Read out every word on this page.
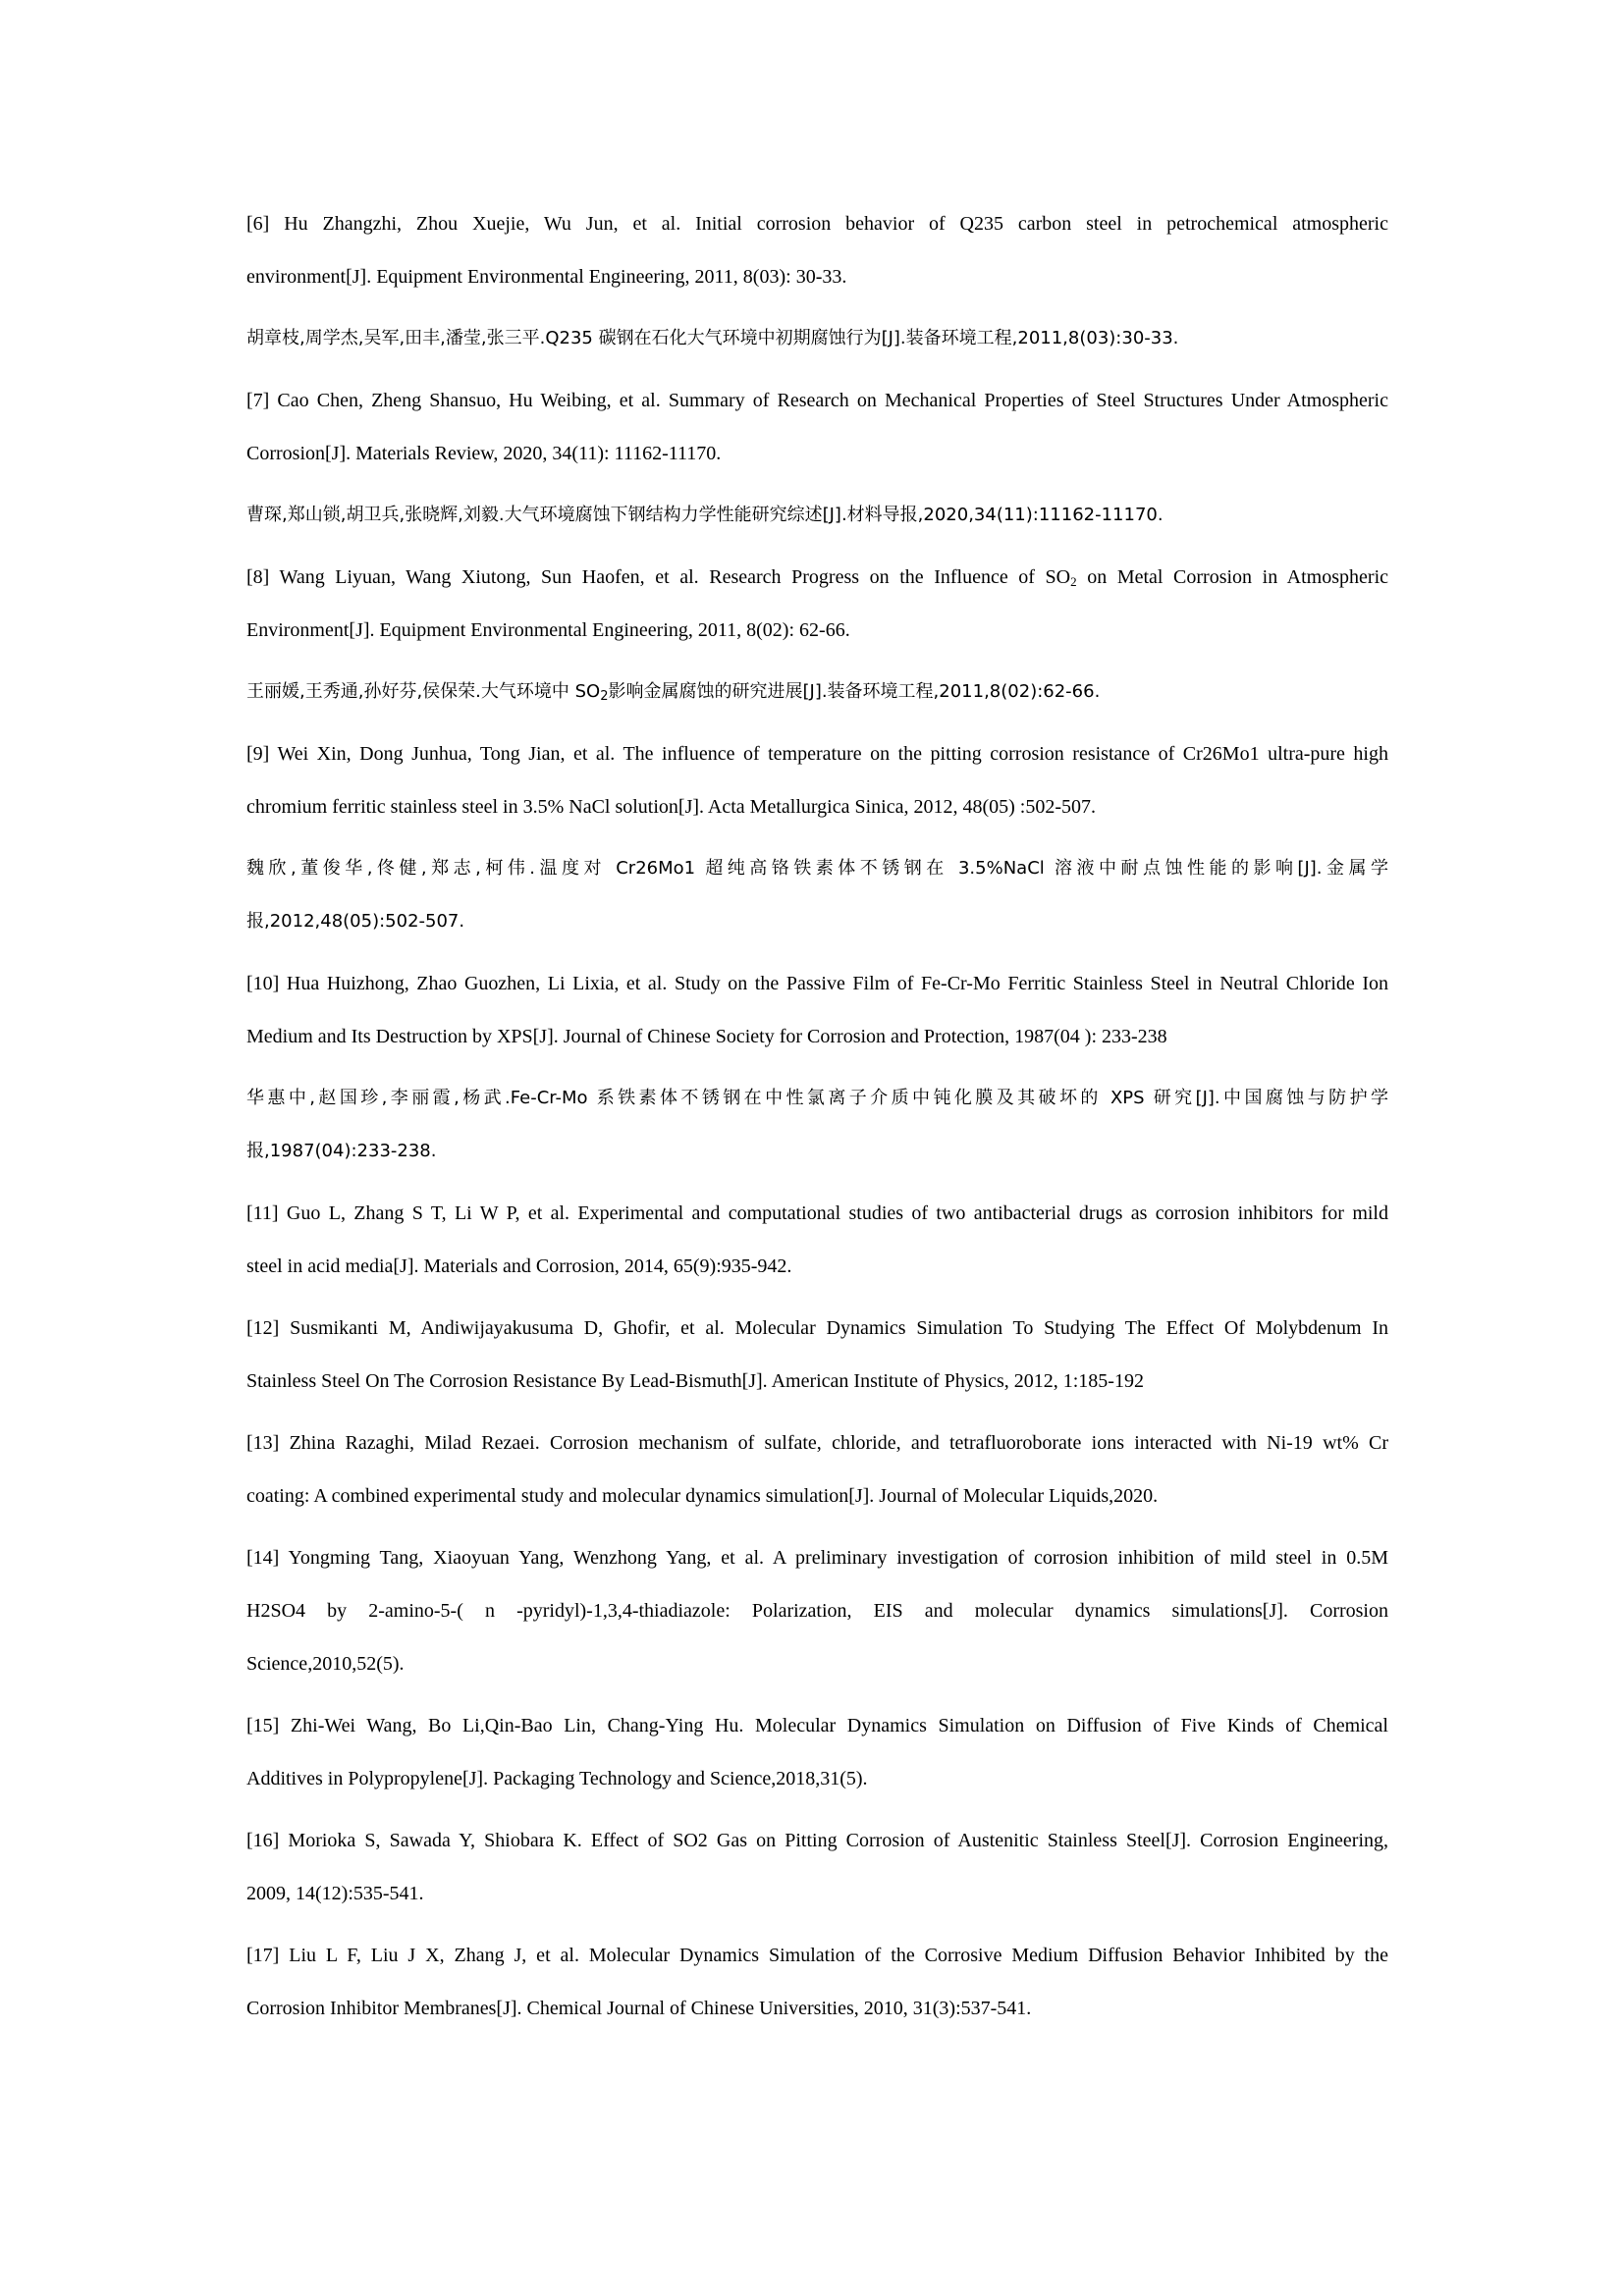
[6] Hu Zhangzhi, Zhou Xuejie, Wu Jun, et al. Initial corrosion behavior of Q235 carbon steel in petrochemical atmospheric
environment[J]. Equipment Environmental Engineering, 2011, 8(03): 30-33.
胡章枝,周学杰,吴军,田丰,潘莹,张三平.Q235 碳钢在石化大气环境中初期腐蚀行为[J].装备环境工程,2011,8(03):30-33.
[7] Cao Chen, Zheng Shansuo, Hu Weibing, et al. Summary of Research on Mechanical Properties of Steel Structures Under Atmospheric
Corrosion[J]. Materials Review, 2020, 34(11): 11162-11170.
曹琛,郑山锁,胡卫兵,张晓辉,刘毅.大气环境腐蚀下钢结构力学性能研究综述[J].材料导报,2020,34(11):11162-11170.
[8] Wang Liyuan, Wang Xiutong, Sun Haofen, et al. Research Progress on the Influence of $SO_2$ on Metal Corrosion in Atmospheric
Environment[J]. Equipment Environmental Engineering, 2011, 8(02): 62-66.
王丽媛,王秀通,孙好芬,侯保荣.大气环境中 $SO_2$影响金属腐蚀的研究进展[J].装备环境工程,2011,8(02):62-66.
[9] Wei Xin, Dong Junhua, Tong Jian, et al. The influence of temperature on the pitting corrosion resistance of Cr26Mo1 ultra-pure high
chromium ferritic stainless steel in 3.5% NaCl solution[J]. Acta Metallurgica Sinica, 2012, 48(05) :502-507.
魏欣,董俊华,佟健,郑志,柯伟.温度对 Cr26Mo1 超纯高铬铁素体不锈钢在 3.5%NaCl 溶液中耐点蚀性能的影响[J].金属学
报,2012,48(05):502-507.
[10] Hua Huizhong, Zhao Guozhen, Li Lixia, et al. Study on the Passive Film of Fe-Cr-Mo Ferritic Stainless Steel in Neutral Chloride Ion
Medium and Its Destruction by XPS[J]. Journal of Chinese Society for Corrosion and Protection, 1987(04 ): 233-238
华惠中,赵国珍,李丽霞,杨武.Fe-Cr-Mo 系铁素体不锈钢在中性氯离子介质中钝化膜及其破坏的 XPS 研究[J].中国腐蚀与防护学
报,1987(04):233-238.
[11] Guo L, Zhang S T, Li W P, et al. Experimental and computational studies of two antibacterial drugs as corrosion inhibitors for mild
steel in acid media[J]. Materials and Corrosion, 2014, 65(9):935-942.
[12] Susmikanti M, Andiwijayakusuma D, Ghofir, et al. Molecular Dynamics Simulation To Studying The Effect Of Molybdenum In
Stainless Steel On The Corrosion Resistance By Lead-Bismuth[J]. American Institute of Physics, 2012, 1:185-192
[13] Zhina Razaghi, Milad Rezaei. Corrosion mechanism of sulfate, chloride, and tetrafluoroborate ions interacted with Ni-19 wt% Cr
coating: A combined experimental study and molecular dynamics simulation[J]. Journal of Molecular Liquids,2020.
[14] Yongming Tang, Xiaoyuan Yang, Wenzhong Yang, et al. A preliminary investigation of corrosion inhibition of mild steel in 0.5M
H2SO4 by 2-amino-5-( n -pyridyl)-1,3,4-thiadiazole: Polarization, EIS and molecular dynamics simulations[J]. Corrosion
Science,2010,52(5).
[15] Zhi‐Wei Wang, Bo Li,Qin‐Bao Lin, Chang‐Ying Hu. Molecular Dynamics Simulation on Diffusion of Five Kinds of Chemical
Additives in Polypropylene[J]. Packaging Technology and Science,2018,31(5).
[16] Morioka S, Sawada Y, Shiobara K. Effect of SO2 Gas on Pitting Corrosion of Austenitic Stainless Steel[J]. Corrosion Engineering,
2009, 14(12):535-541.
[17] Liu L F, Liu J X, Zhang J, et al. Molecular Dynamics Simulation of the Corrosive Medium Diffusion Behavior Inhibited by the
Corrosion Inhibitor Membranes[J]. Chemical Journal of Chinese Universities, 2010, 31(3):537-541.
